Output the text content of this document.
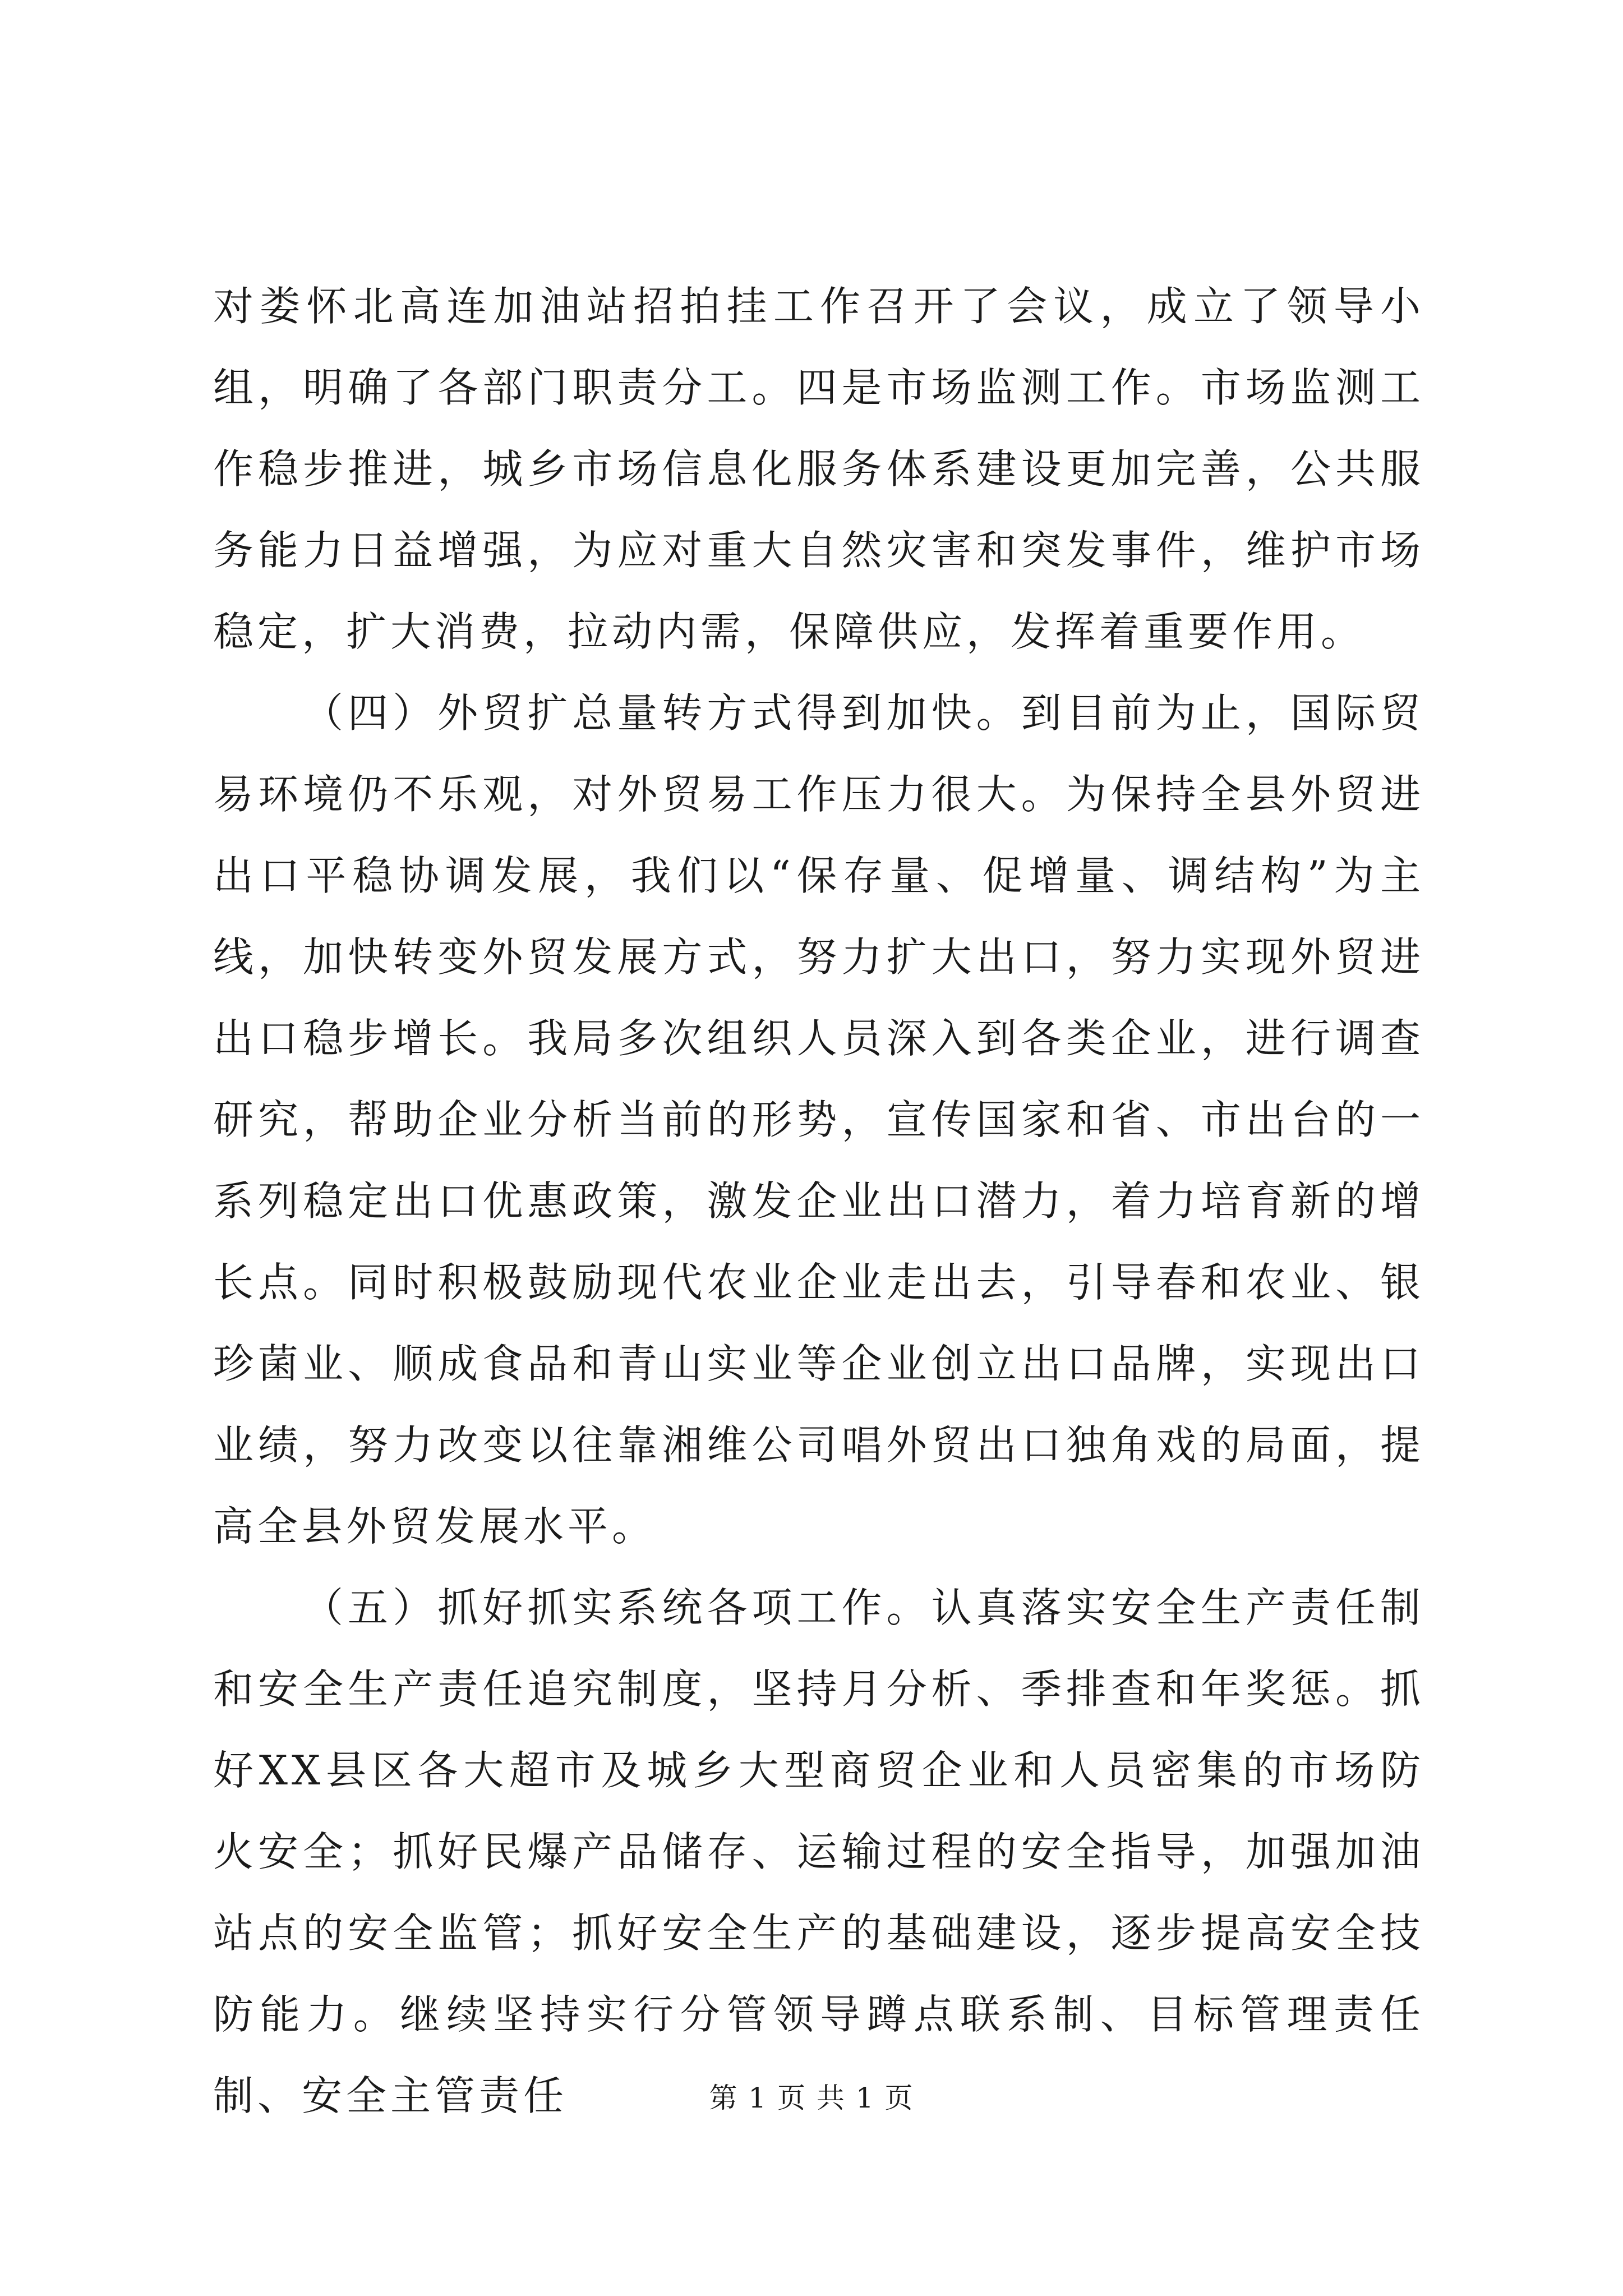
对娄怀北高连加油站招拍挂工作召开了会议，成立了领导小组，明确了各部门职责分工。四是市场监测工作。市场监测工作稳步推进，城乡市场信息化服务体系建设更加完善，公共服务能力日益增强，为应对重大自然灾害和突发事件，维护市场稳定，扩大消费，拉动内需，保障供应，发挥着重要作用。

（四）外贸扩总量转方式得到加快。到目前为止，国际贸易环境仍不乐观，对外贸易工作压力很大。为保持全县外贸进出口平稳协调发展，我们以“保存量、促增量、调结构”为主线，加快转变外贸发展方式，努力扩大出口，努力实现外贸进出口稳步增长。我局多次组织人员深入到各类企业，进行调查研究，帮助企业分析当前的形势，宣传国家和省、市出台的一系列稳定出口优惠政策，激发企业出口潜力，着力培育新的增长点。同时积极鼓励现代农业企业走出去，引导春和农业、银珍菌业、顺成食品和青山实业等企业创立出口品牌，实现出口业绩，努力改变以往靠湘维公司唱外贸出口独角戏的局面，提高全县外贸发展水平。

（五）抓好抓实系统各项工作。认真落实安全生产责任制和安全生产责任追究制度，坚持月分析、季排查和年奖惩。抓好XX县区各大超市及城乡大型商贸企业和人员密集的市场防火安全；抓好民爆产品储存、运输过程的安全指导，加强加油站点的安全监管；抓好安全生产的基础建设，逐步提高安全技防能力。继续坚持实行分管领导蹲点联系制、目标管理责任制、安全主管责任	第 1 页 共 1 页
